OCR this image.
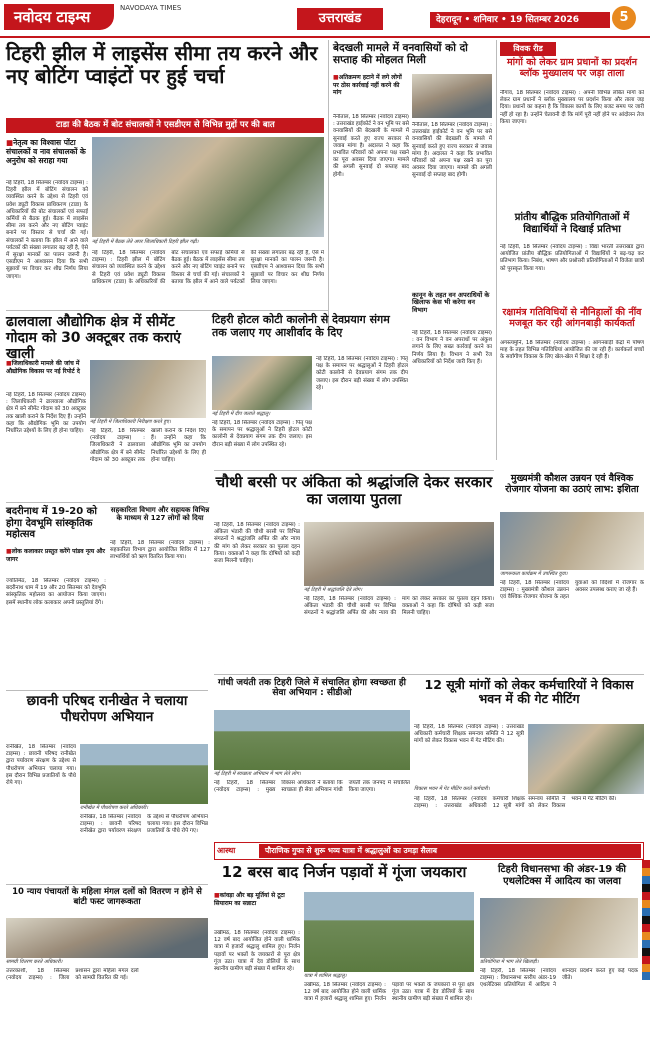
नवोदय टाइम्स	NAVODAYA TIMES
उत्तराखंड	देहरादून • शनिवार • 19 सितम्बर 2026	5
टिहरी झील में लाइसेंस सीमा तय करने और नए बोटिंग प्वाइंटों पर हुई चर्चा
टाडा की बैठक में बोट संचालकों ने एसडीएम से विभिन्न मुद्दों पर की बात
■ नेतृत्व का विश्वास पोंटा संचालकों व नाव संचालकों के अनुरोध को सराहा गया
नई टिहरी, 18 सितम्बर (नवोदय टाइम्स) : टिहरी झील में बोटिंग संचालन को व्यवस्थित करने के उद्देश्य से टिहरी एवं प्रवेश ड्यूटी विकास प्राधिकरण (टाडा) के अधिकारियों की बोट संचालकों एवं सफाई कर्मियों से बैठक हुई। बैठक में लाइसेंस सीमा तय करने और नए बोटिंग प्वाइंट बनाने पर विस्तार से चर्चा की गई। संचालकों ने बताया कि झील में आने वाले पर्यटकों की संख्या लगातार बढ़ रही है, ऐसे में सुरक्षा मानकों का पालन जरूरी है। एसडीएम ने आश्वासन दिया कि सभी सुझावों पर विचार कर शीघ्र निर्णय लिया जाएगा।
नई टिहरी में बैठक लेते अपर जिलाधिकारी टिहरी झील गढ़ी।
नई टिहरी, 18 सितम्बर (नवोदय टाइम्स) : टिहरी झील में बोटिंग संचालन को व्यवस्थित करने के उद्देश्य से टिहरी एवं प्रवेश ड्यूटी विकास प्राधिकरण (टाडा) के अधिकारियों की बोट संचालकों एवं सफाई कर्मियों से बैठक हुई। बैठक में लाइसेंस सीमा तय करने और नए बोटिंग प्वाइंट बनाने पर विस्तार से चर्चा की गई। संचालकों ने बताया कि झील में आने वाले पर्यटकों की संख्या लगातार बढ़ रही है, ऐसे में सुरक्षा मानकों का पालन जरूरी है। एसडीएम ने आश्वासन दिया कि सभी सुझावों पर विचार कर शीघ्र निर्णय लिया जाएगा।
बेदखली मामले में वनवासियों को दो सप्ताह की मोहलत मिली
■ अतिक्रमण हटाने में लगे लोगों पर ठोस कार्रवाई नहीं करने की मांग
नैनीताल, 18 सितम्बर (नवोदय टाइम्स) : उत्तराखंड हाईकोर्ट ने वन भूमि पर बसे वनवासियों की बेदखली के मामले में सुनवाई करते हुए राज्य सरकार से जवाब मांगा है। अदालत ने कहा कि प्रभावित परिवारों को अपना पक्ष रखने का पूरा अवसर दिया जाएगा। मामले की अगली सुनवाई दो सप्ताह बाद होगी।
नैनीताल, 18 सितम्बर (नवोदय टाइम्स) : उत्तराखंड हाईकोर्ट ने वन भूमि पर बसे वनवासियों की बेदखली के मामले में सुनवाई करते हुए राज्य सरकार से जवाब मांगा है। अदालत ने कहा कि प्रभावित परिवारों को अपना पक्ष रखने का पूरा अवसर दिया जाएगा। मामले की अगली सुनवाई दो सप्ताह बाद होगी।
कानून के तहत वन अपराधियों के खिलाफ केस भी करेगा वन विभाग
नई टिहरी, 18 सितम्बर (नवोदय टाइम्स) : वन विभाग ने वन अपराधों पर अंकुश लगाने के लिए सख्त कार्रवाई करने का निर्णय लिया है। विभाग ने सभी रेंज अधिकारियों को निर्देश जारी किए हैं।
विवक रीड
मांगों को लेकर ग्राम प्रधानों का प्रदर्शन ब्लॉक मुख्यालय पर जड़ा ताला
नौगांव, 18 सितम्बर (नवोदय टाइम्स) : अपनी विभिन्न लंबित मांगों को लेकर ग्राम प्रधानों ने ब्लॉक मुख्यालय पर प्रदर्शन किया और ताला जड़ दिया। प्रधानों का कहना है कि विकास कार्यों के लिए बजट समय पर जारी नहीं हो रहा है। उन्होंने चेतावनी दी कि मांगें पूरी नहीं होने पर आंदोलन तेज किया जाएगा।
प्रांतीय बौद्धिक प्रतियोगिताओं में विद्यार्थियों ने दिखाई प्रतिभा
नई टिहरी, 18 सितम्बर (नवोदय टाइम्स) : विद्या भारती उत्तराखंड द्वारा आयोजित प्रांतीय बौद्धिक प्रतियोगिताओं में विद्यार्थियों ने बढ़-चढ़ कर प्रतिभाग किया। निबंध, भाषण और प्रश्नोत्तरी प्रतियोगिताओं में विजेता छात्रों को पुरस्कृत किया गया।
रक्षामंत्र गतिविधियों से नौनिहालों की नींव मजबूत कर रही आंगनबाड़ी कार्यकर्ता
अगस्त्यमुनि, 18 सितम्बर (नवोदय टाइम्स) : आंगनबाड़ी केंद्रों में पोषण माह के तहत विभिन्न गतिविधियां आयोजित की जा रही हैं। कार्यकर्ता बच्चों के सर्वांगीण विकास के लिए खेल-खेल में शिक्षा दे रही हैं।
ढालवाला औद्योगिक क्षेत्र में सीमेंट गोदाम को 30 अक्टूबर तक कराएं खाली
■ जिलाधिकारी मामले की जांच में औद्योगिक विकास पर नई रिपोर्ट दे
नई टिहरी, 18 सितम्बर (नवोदय टाइम्स) : जिलाधिकारी ने ढालवाला औद्योगिक क्षेत्र में बने सीमेंट गोदाम को 30 अक्टूबर तक खाली कराने के निर्देश दिए हैं। उन्होंने कहा कि औद्योगिक भूमि का उपयोग निर्धारित उद्देश्यों के लिए ही होना चाहिए।
नई टिहरी में जिलाधिकारी निरीक्षण करते हुए।
नई टिहरी, 18 सितम्बर (नवोदय टाइम्स) : जिलाधिकारी ने ढालवाला औद्योगिक क्षेत्र में बने सीमेंट गोदाम को 30 अक्टूबर तक खाली कराने के निर्देश दिए हैं। उन्होंने कहा कि औद्योगिक भूमि का उपयोग निर्धारित उद्देश्यों के लिए ही होना चाहिए।
टिहरी होटल कोटी कालोनी से देवप्रयाग संगम तक जलाए गए आशीर्वाद के दिए
नई टिहरी में दीप जलाते श्रद्धालु।
नई टिहरी, 18 सितम्बर (नवोदय टाइम्स) : पितृ पक्ष के समापन पर श्रद्धालुओं ने टिहरी होटल कोटी कालोनी से देवप्रयाग संगम तक दीप जलाए। इस दौरान बड़ी संख्या में लोग उपस्थित रहे।
नई टिहरी, 18 सितम्बर (नवोदय टाइम्स) : पितृ पक्ष के समापन पर श्रद्धालुओं ने टिहरी होटल कोटी कालोनी से देवप्रयाग संगम तक दीप जलाए। इस दौरान बड़ी संख्या में लोग उपस्थित रहे।
बदरीनाथ में 19-20 को होगा देवभूमि सांस्कृतिक महोत्सव
■ लोक कलाकार प्रस्तुत करेंगे पांडव नृत्य और जागर
ज्योतिर्मठ, 18 सितम्बर (नवोदय टाइम्स) : बदरीनाथ धाम में 19 और 20 सितम्बर को देवभूमि सांस्कृतिक महोत्सव का आयोजन किया जाएगा। इसमें स्थानीय लोक कलाकार अपनी प्रस्तुतियां देंगे।
सहकारिता विभाग और सहायक विभिन्न के माध्यम से 127 लोगों को दिया
नई टिहरी, 18 सितम्बर (नवोदय टाइम्स) : सहकारिता विभाग द्वारा आयोजित शिविर में 127 लाभार्थियों को ऋण वितरित किया गया।
चौथी बरसी पर अंकिता को श्रद्धांजलि देकर सरकार का जलाया पुतला
नई टिहरी, 18 सितम्बर (नवोदय टाइम्स) : अंकिता भंडारी की चौथी बरसी पर विभिन्न संगठनों ने श्रद्धांजलि अर्पित की और न्याय की मांग को लेकर सरकार का पुतला दहन किया। वक्ताओं ने कहा कि दोषियों को कड़ी सजा मिलनी चाहिए।
नई टिहरी में श्रद्धांजलि देते लोग।
नई टिहरी, 18 सितम्बर (नवोदय टाइम्स) : अंकिता भंडारी की चौथी बरसी पर विभिन्न संगठनों ने श्रद्धांजलि अर्पित की और न्याय की मांग को लेकर सरकार का पुतला दहन किया। वक्ताओं ने कहा कि दोषियों को कड़ी सजा मिलनी चाहिए।
मुख्यमंत्री कौशल उन्नयन एवं वैश्विक रोजगार योजना का उठाएं लाभ: इशिता
जागरूकता कार्यक्रम में उपस्थित युवा।
नई टिहरी, 18 सितम्बर (नवोदय टाइम्स) : मुख्यमंत्री कौशल उन्नयन एवं वैश्विक रोजगार योजना के तहत युवाओं को विदेशों में रोजगार के अवसर उपलब्ध कराए जा रहे हैं।
छावनी परिषद रानीखेत ने चलाया पौधरोपण अभियान
रानीखेत, 18 सितम्बर (नवोदय टाइम्स) : छावनी परिषद रानीखेत द्वारा पर्यावरण संरक्षण के उद्देश्य से पौधरोपण अभियान चलाया गया। इस दौरान विभिन्न प्रजातियों के पौधे रोपे गए।
रानीखेत में पौधरोपण करते अधिकारी।
रानीखेत, 18 सितम्बर (नवोदय टाइम्स) : छावनी परिषद रानीखेत द्वारा पर्यावरण संरक्षण के उद्देश्य से पौधरोपण अभियान चलाया गया। इस दौरान विभिन्न प्रजातियों के पौधे रोपे गए।
गांधी जयंती तक टिहरी जिले में संचालित होगा स्वच्छता ही सेवा अभियान : सीडीओ
नई टिहरी में स्वच्छता अभियान में भाग लेते लोग।
नई टिहरी, 18 सितम्बर (नवोदय टाइम्स) : मुख्य विकास अधिकारी ने बताया कि स्वच्छता ही सेवा अभियान गांधी जयंती तक जनपद में संचालित किया जाएगा।
12 सूत्री मांगों को लेकर कर्मचारियों ने विकास भवन में की गेट मीटिंग
नई टिहरी, 18 सितम्बर (नवोदय टाइम्स) : उत्तराखंड अधिकारी कर्मचारी शिक्षक समन्वय समिति ने 12 सूत्री मांगों को लेकर विकास भवन में गेट मीटिंग की।
विकास भवन में गेट मीटिंग करते कर्मचारी।
नई टिहरी, 18 सितम्बर (नवोदय टाइम्स) : उत्तराखंड अधिकारी कर्मचारी शिक्षक समन्वय समिति ने 12 सूत्री मांगों को लेकर विकास भवन में गेट मीटिंग की।
10 न्याय पंचायतों के महिला मंगल दलों को वितरण न होने से बांटी फस्ट जागरूकता
सामग्री वितरण करते अधिकारी।
उत्तरकाशी, 18 सितम्बर (नवोदय टाइम्स) : जिला प्रशासन द्वारा महिला मंगल दलों को सामग्री वितरित की गई।
आस्था	पौराणिक गुफा से शुरू भव्य यात्रा में श्रद्धालुओं का उमड़ा सैलाब
12 बरस बाद निर्जन पड़ावों में गूंजा जयकारा
■ कांवड़ा और बड़ मूर्तियां से टूटा सियाराम का सन्नाटा
उखीमठ, 18 सितम्बर (नवोदय टाइम्स) : 12 वर्ष बाद आयोजित होने वाली धार्मिक यात्रा में हजारों श्रद्धालु शामिल हुए। निर्जन पड़ावों पर भक्तों के जयकारों से पूरा क्षेत्र गूंज उठा। यात्रा में देव डोलियों के साथ स्थानीय ग्रामीण बड़ी संख्या में शामिल रहे।
यात्रा में शामिल श्रद्धालु।
उखीमठ, 18 सितम्बर (नवोदय टाइम्स) : 12 वर्ष बाद आयोजित होने वाली धार्मिक यात्रा में हजारों श्रद्धालु शामिल हुए। निर्जन पड़ावों पर भक्तों के जयकारों से पूरा क्षेत्र गूंज उठा। यात्रा में देव डोलियों के साथ स्थानीय ग्रामीण बड़ी संख्या में शामिल रहे।
टिहरी विधानसभा की अंडर-19 की एथलेटिक्स में आदित्य का जलवा
प्रतियोगिता में भाग लेते खिलाड़ी।
नई टिहरी, 18 सितम्बर (नवोदय टाइम्स) : विधानसभा स्तरीय अंडर-19 एथलेटिक्स प्रतियोगिता में आदित्य ने शानदार प्रदर्शन करते हुए कई पदक जीते।
